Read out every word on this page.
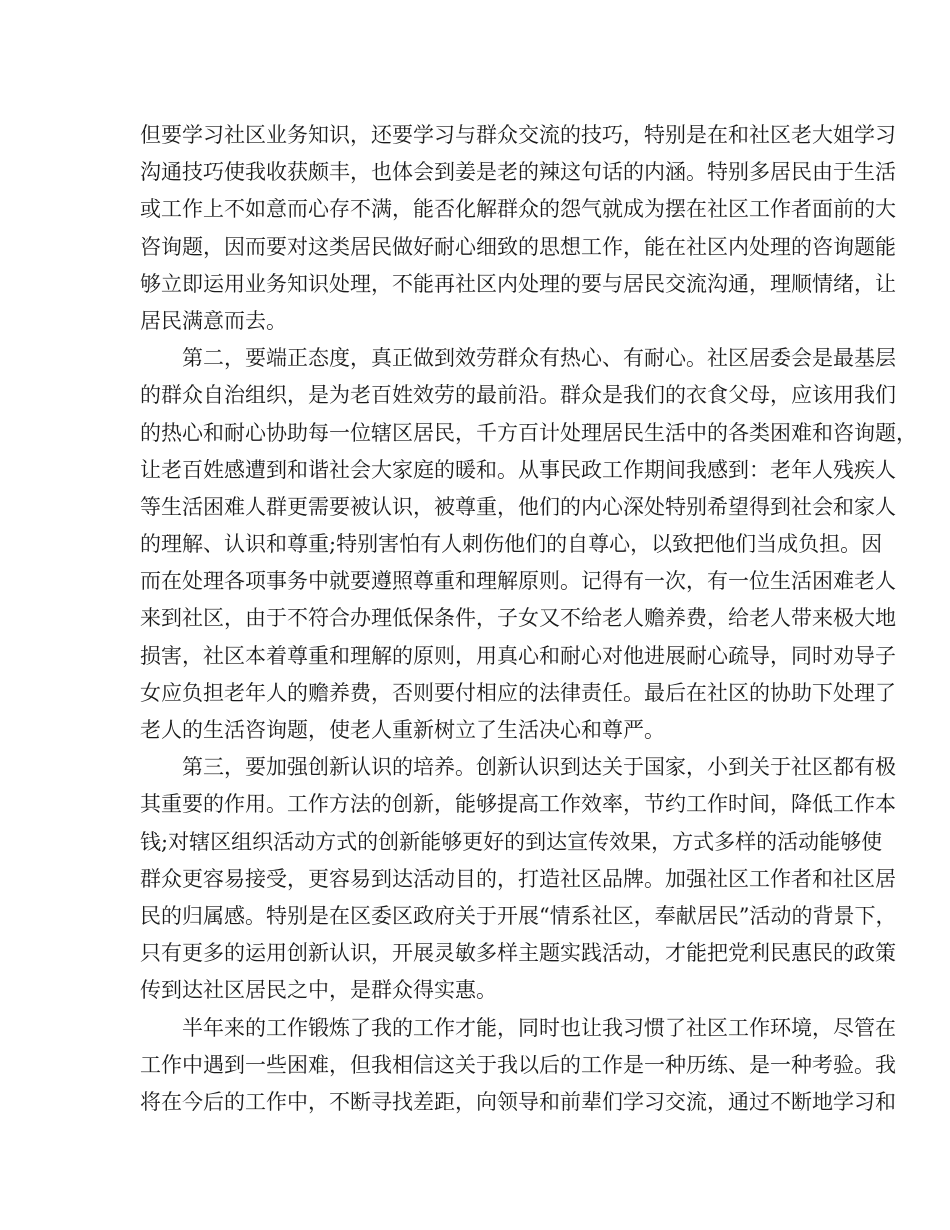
但要学习社区业务知识，还要学习与群众交流的技巧，特别是在和社区老大姐学习
沟通技巧使我收获颇丰，也体会到姜是老的辣这句话的内涵。特别多居民由于生活
或工作上不如意而心存不满，能否化解群众的怨气就成为摆在社区工作者面前的大
咨询题，因而要对这类居民做好耐心细致的思想工作，能在社区内处理的咨询题能
够立即运用业务知识处理，不能再社区内处理的要与居民交流沟通，理顺情绪，让
居民满意而去。
第二，要端正态度，真正做到效劳群众有热心、有耐心。社区居委会是最基层
的群众自治组织，是为老百姓效劳的最前沿。群众是我们的衣食父母，应该用我们
的热心和耐心协助每一位辖区居民，千方百计处理居民生活中的各类困难和咨询题，
让老百姓感遭到和谐社会大家庭的暖和。从事民政工作期间我感到：老年人残疾人
等生活困难人群更需要被认识，被尊重，他们的内心深处特别希望得到社会和家人
的理解、认识和尊重;特别害怕有人刺伤他们的自尊心，以致把他们当成负担。因
而在处理各项事务中就要遵照尊重和理解原则。记得有一次，有一位生活困难老人
来到社区，由于不符合办理低保条件，子女又不给老人赡养费，给老人带来极大地
损害，社区本着尊重和理解的原则，用真心和耐心对他进展耐心疏导，同时劝导子
女应负担老年人的赡养费，否则要付相应的法律责任。最后在社区的协助下处理了
老人的生活咨询题，使老人重新树立了生活决心和尊严。
第三，要加强创新认识的培养。创新认识到达关于国家，小到关于社区都有极
其重要的作用。工作方法的创新，能够提高工作效率，节约工作时间，降低工作本
钱;对辖区组织活动方式的创新能够更好的到达宣传效果，方式多样的活动能够使
群众更容易接受，更容易到达活动目的，打造社区品牌。加强社区工作者和社区居
民的归属感。特别是在区委区政府关于开展“情系社区，奉献居民”活动的背景下，
只有更多的运用创新认识，开展灵敏多样主题实践活动，才能把党利民惠民的政策
传到达社区居民之中，是群众得实惠。
半年来的工作锻炼了我的工作才能，同时也让我习惯了社区工作环境，尽管在
工作中遇到一些困难，但我相信这关于我以后的工作是一种历练、是一种考验。我
将在今后的工作中，不断寻找差距，向领导和前辈们学习交流，通过不断地学习和
